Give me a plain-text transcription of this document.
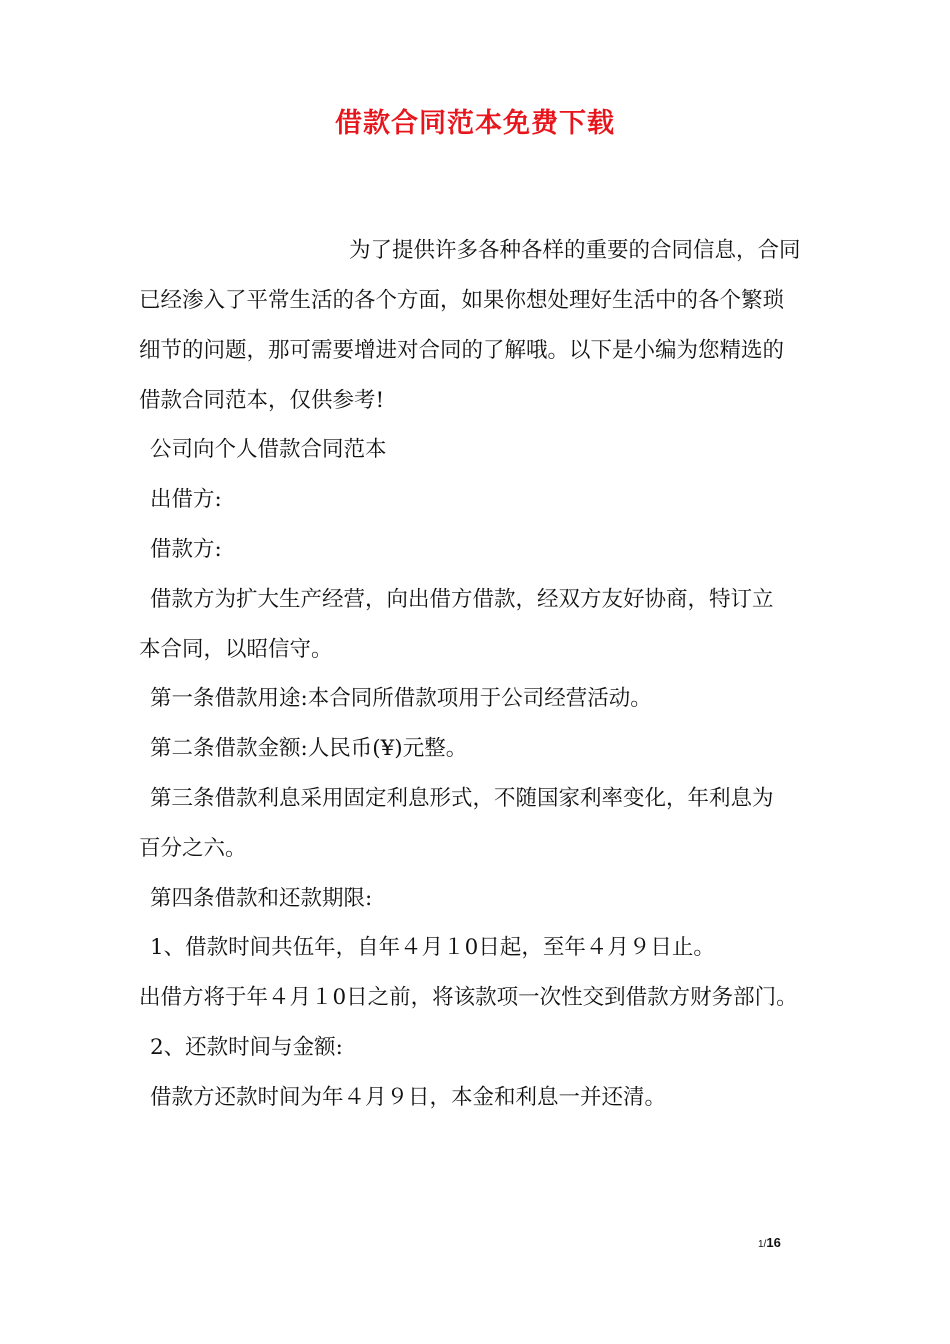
借款合同范本免费下载
为了提供许多各种各样的重要的合同信息，合同
已经渗入了平常生活的各个方面，如果你想处理好生活中的各个繁琐
细节的问题，那可需要增进对合同的了解哦。以下是小编为您精选的
借款合同范本，仅供参考!
公司向个人借款合同范本
出借方:
借款方:
借款方为扩大生产经营，向出借方借款，经双方友好协商，特订立
本合同，以昭信守。
第一条借款用途:本合同所借款项用于公司经营活动。
第二条借款金额:人民币(¥)元整。
第三条借款利息采用固定利息形式，不随国家利率变化，年利息为
百分之六。
第四条借款和还款期限:
1、借款时间共伍年，自年４月１0日起，至年４月９日止。
出借方将于年４月１0日之前，将该款项一次性交到借款方财务部门。
2、还款时间与金额:
借款方还款时间为年４月９日，本金和利息一并还清。
1/16
